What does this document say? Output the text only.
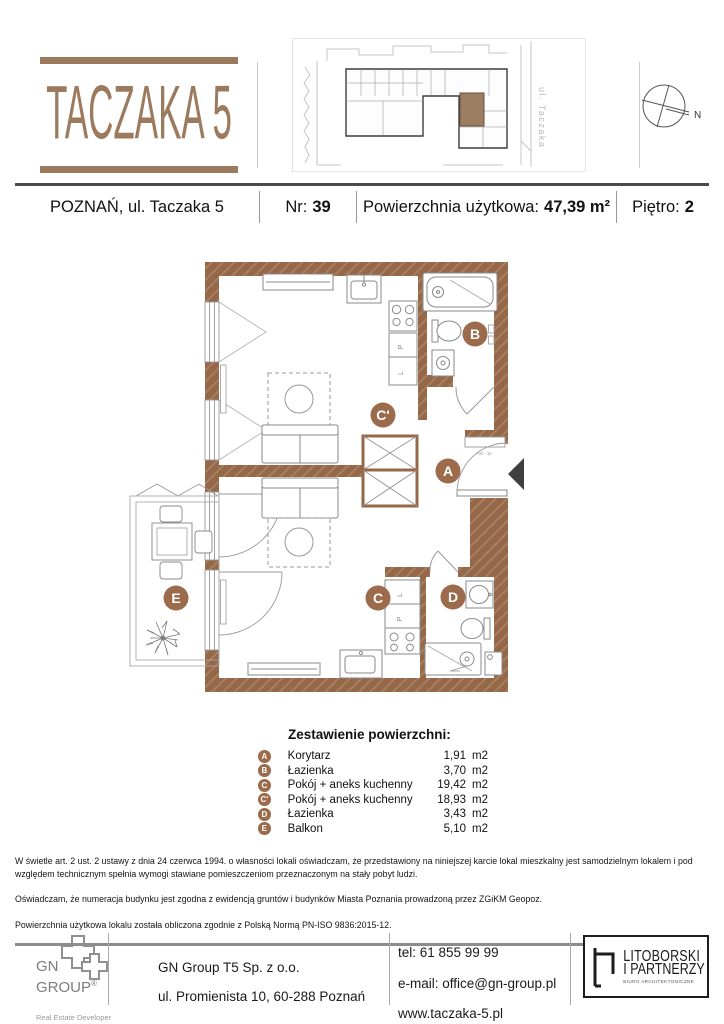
TACZAKA 5	ul. Taczaka	N
POZNAŃ, ul. Taczaka 5	Nr: 39 Powierzchnia użytkowa: 47,39 m² Piętro: 2
P
L
TW - 11
L
P
A
B
C'
C	D
E
Zestawienie powierzchni:
A	Korytarz	1,91 m2
B	Łazienka	3,70 m2
C	Pokój + aneks kuchenny	19,42 m2
C' Pokój + aneks kuchenny	18,93 m2
D	Łazienka	3,43 m2
E	Balkon	5,10 m2

W świetle art. 2 ust. 2 ustawy z dnia 24 czerwca 1994. o własności lokali oświadczam, że przedstawiony na niniejszej karcie lokal mieszkalny jest samodzielnym lokalem i pod względem technicznym spełnia wymogi stawiane pomieszczeniom przeznaczonym na stały pobyt ludzi.

Oświadczam, że numeracja budynku jest zgodna z ewidencją gruntów i budynków Miasta Poznania prowadzoną przez ZGiKM Geopoz.

Powierzchnia użytkowa lokalu została obliczona zgodnie z Polską Normą PN-ISO 9836:2015-12.

GN
GROUP®
Real Estate Developer
GN Group T5 Sp. z o.o.
ul. Promienista 10, 60-288 Poznań
tel: 61 855 99 99
e-mail: office@gn-group.pl
www.taczaka-5.pl
LITOBORSKI
I PARTNERZY
BIURO ARCHITEKTONICZNE
